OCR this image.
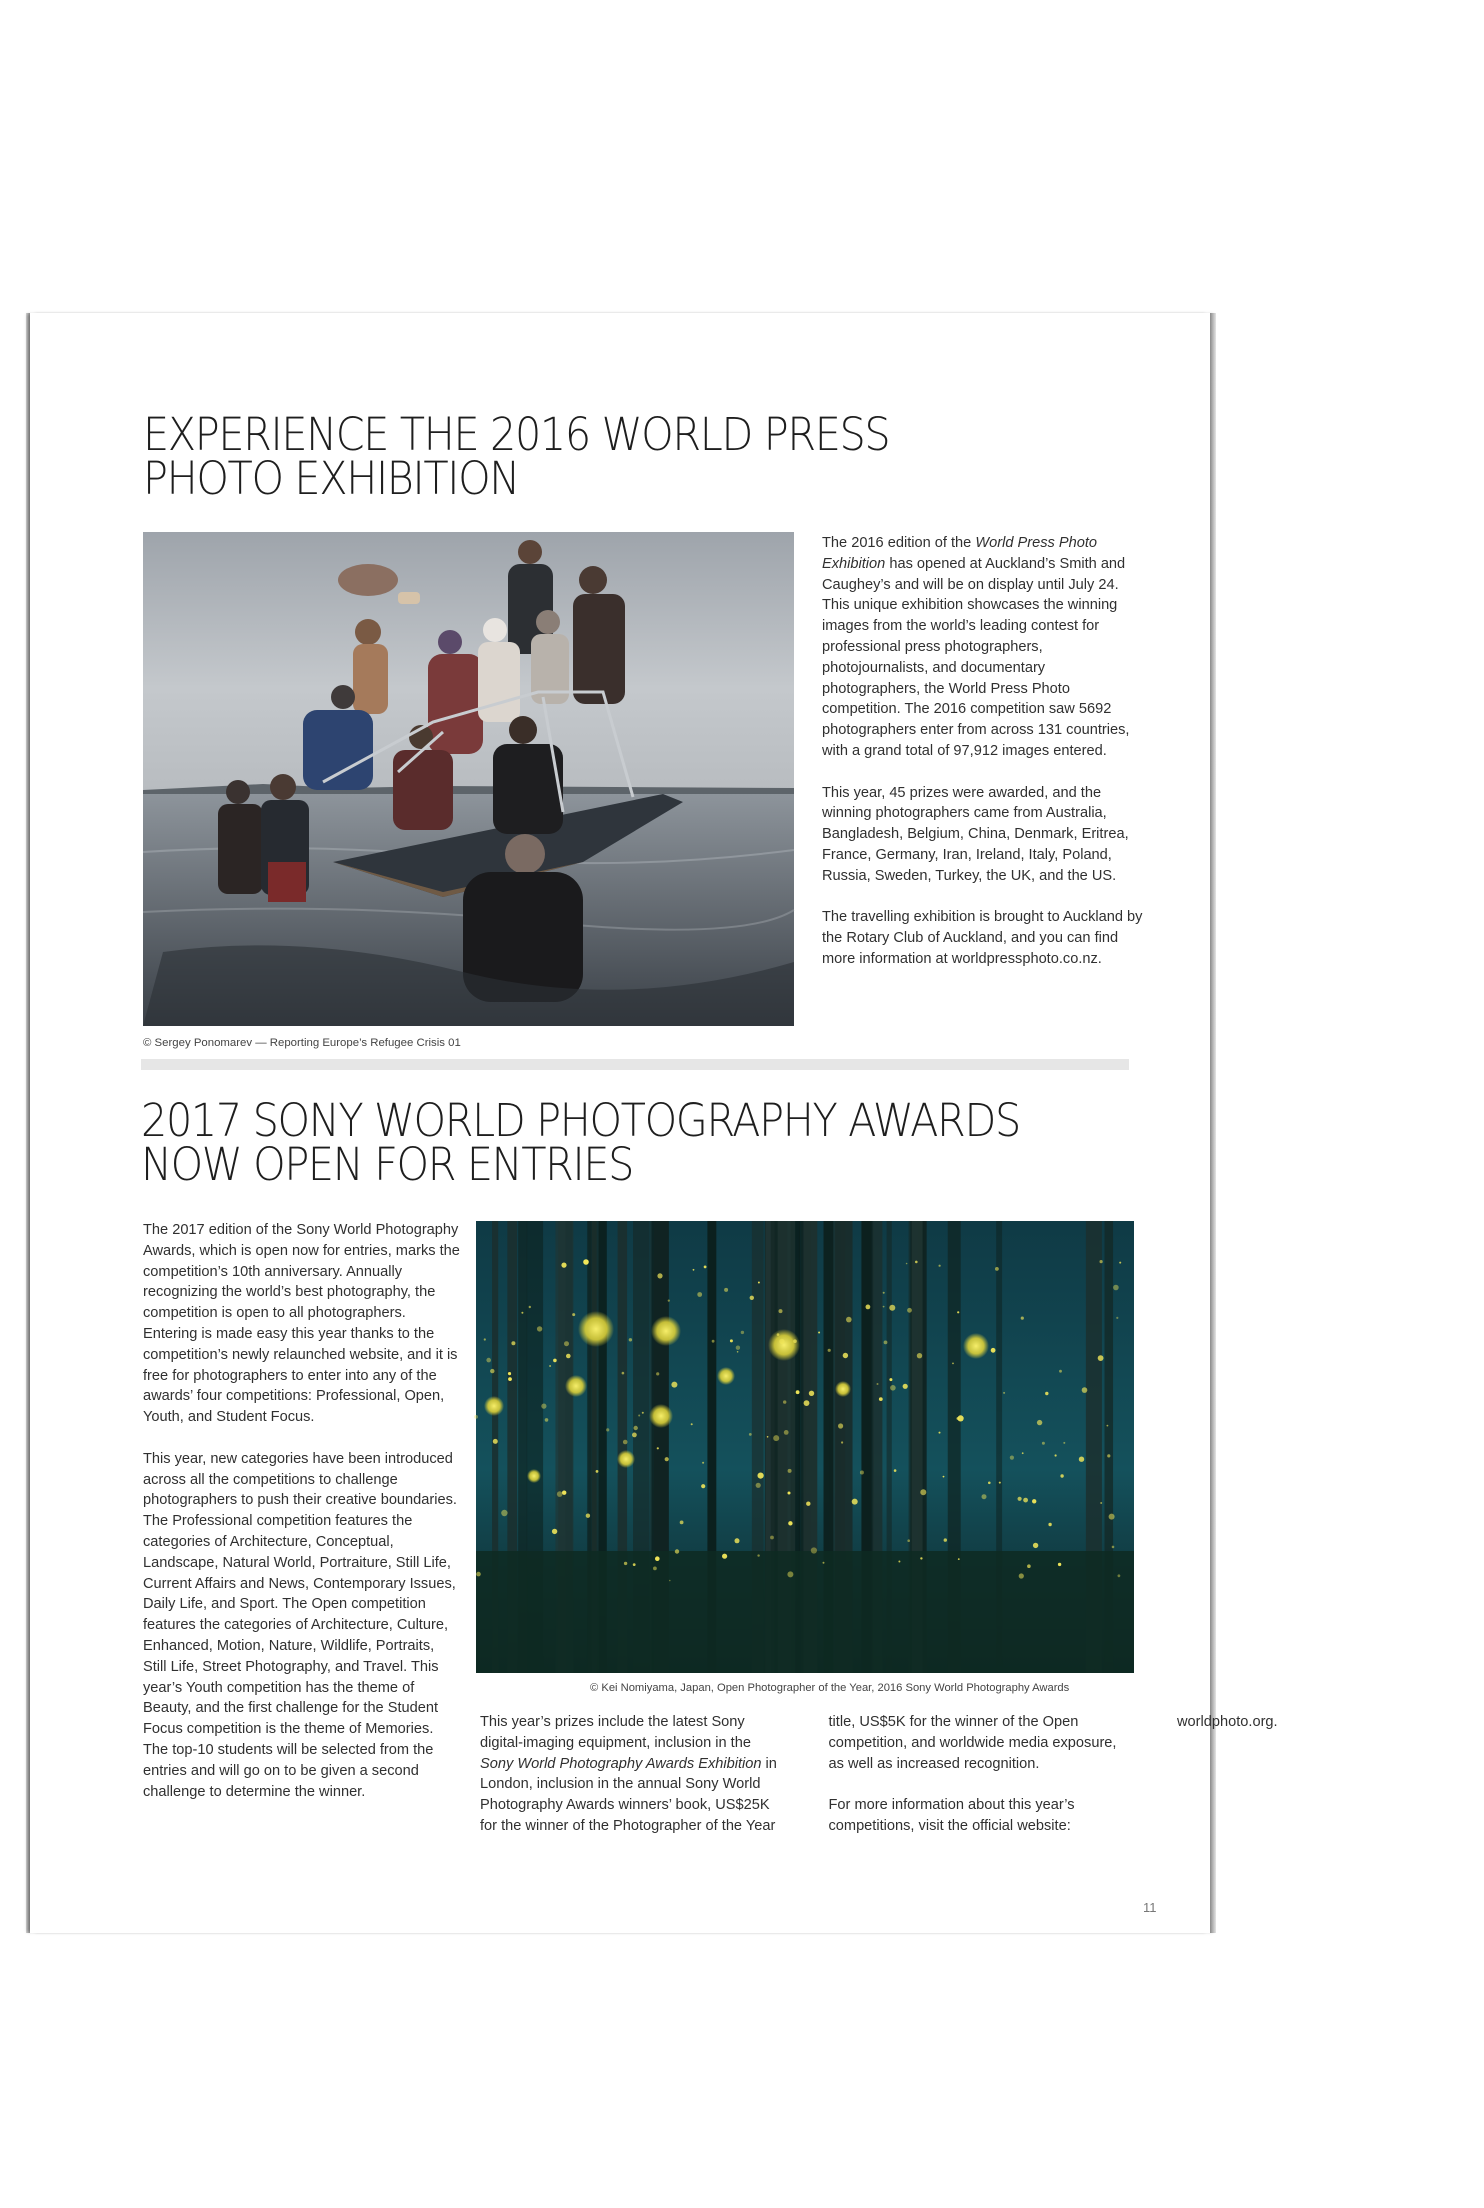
EXPERIENCE THE 2016 WORLD PRESS
PHOTO EXHIBITION
© Sergey Ponomarev — Reporting Europe’s Refugee Crisis 01

The 2016 edition of the World Press Photo Exhibition has opened at Auckland’s Smith and Caughey’s and will be on display until July 24. This unique exhibition showcases the winning images from the world’s leading contest for professional press photographers, photojournalists, and documentary photographers, the World Press Photo competition. The 2016 competition saw 5692 photographers enter from across 131 countries, with a grand total of 97,912 images entered.

This year, 45 prizes were awarded, and the winning photographers came from Australia, Bangladesh, Belgium, China, Denmark, Eritrea, France, Germany, Iran, Ireland, Italy, Poland, Russia, Sweden, Turkey, the UK, and the US.

The travelling exhibition is brought to Auckland by the Rotary Club of Auckland, and you can find more information at worldpressphoto.co.nz.

2017 SONY WORLD PHOTOGRAPHY AWARDS
NOW OPEN FOR ENTRIES

The 2017 edition of the Sony World Photography Awards, which is open now for entries, marks the competition’s 10th anniversary. Annually recognizing the world’s best photography, the competition is open to all photographers. Entering is made easy this year thanks to the competition’s newly relaunched website, and it is free for photographers to enter into any of the awards’ four competitions: Professional, Open, Youth, and Student Focus.

This year, new categories have been introduced across all the competitions to challenge photographers to push their creative boundaries. The Professional competition features the categories of Architecture, Conceptual, Landscape, Natural World, Portraiture, Still Life, Current Affairs and News, Contemporary Issues, Daily Life, and Sport. The Open competition features the categories of Architecture, Culture, Enhanced, Motion, Nature, Wildlife, Portraits, Still Life, Street Photography, and Travel. This year’s Youth competition has the theme of Beauty, and the first challenge for the Student Focus competition is the theme of Memories. The top-10 students will be selected from the entries and will go on to be given a second challenge to determine the winner.

© Kei Nomiyama, Japan, Open Photographer of the Year, 2016 Sony World Photography Awards

This year’s prizes include the latest Sony digital-imaging equipment, inclusion in the Sony World Photography Awards Exhibition in London, inclusion in the annual Sony World Photography Awards winners’ book, US$25K for the winner of the Photographer of the Year title, US$5K for the winner of the Open competition, and worldwide media exposure, as well as increased recognition.

For more information about this year’s competitions, visit the official website: worldphoto.org.

11
